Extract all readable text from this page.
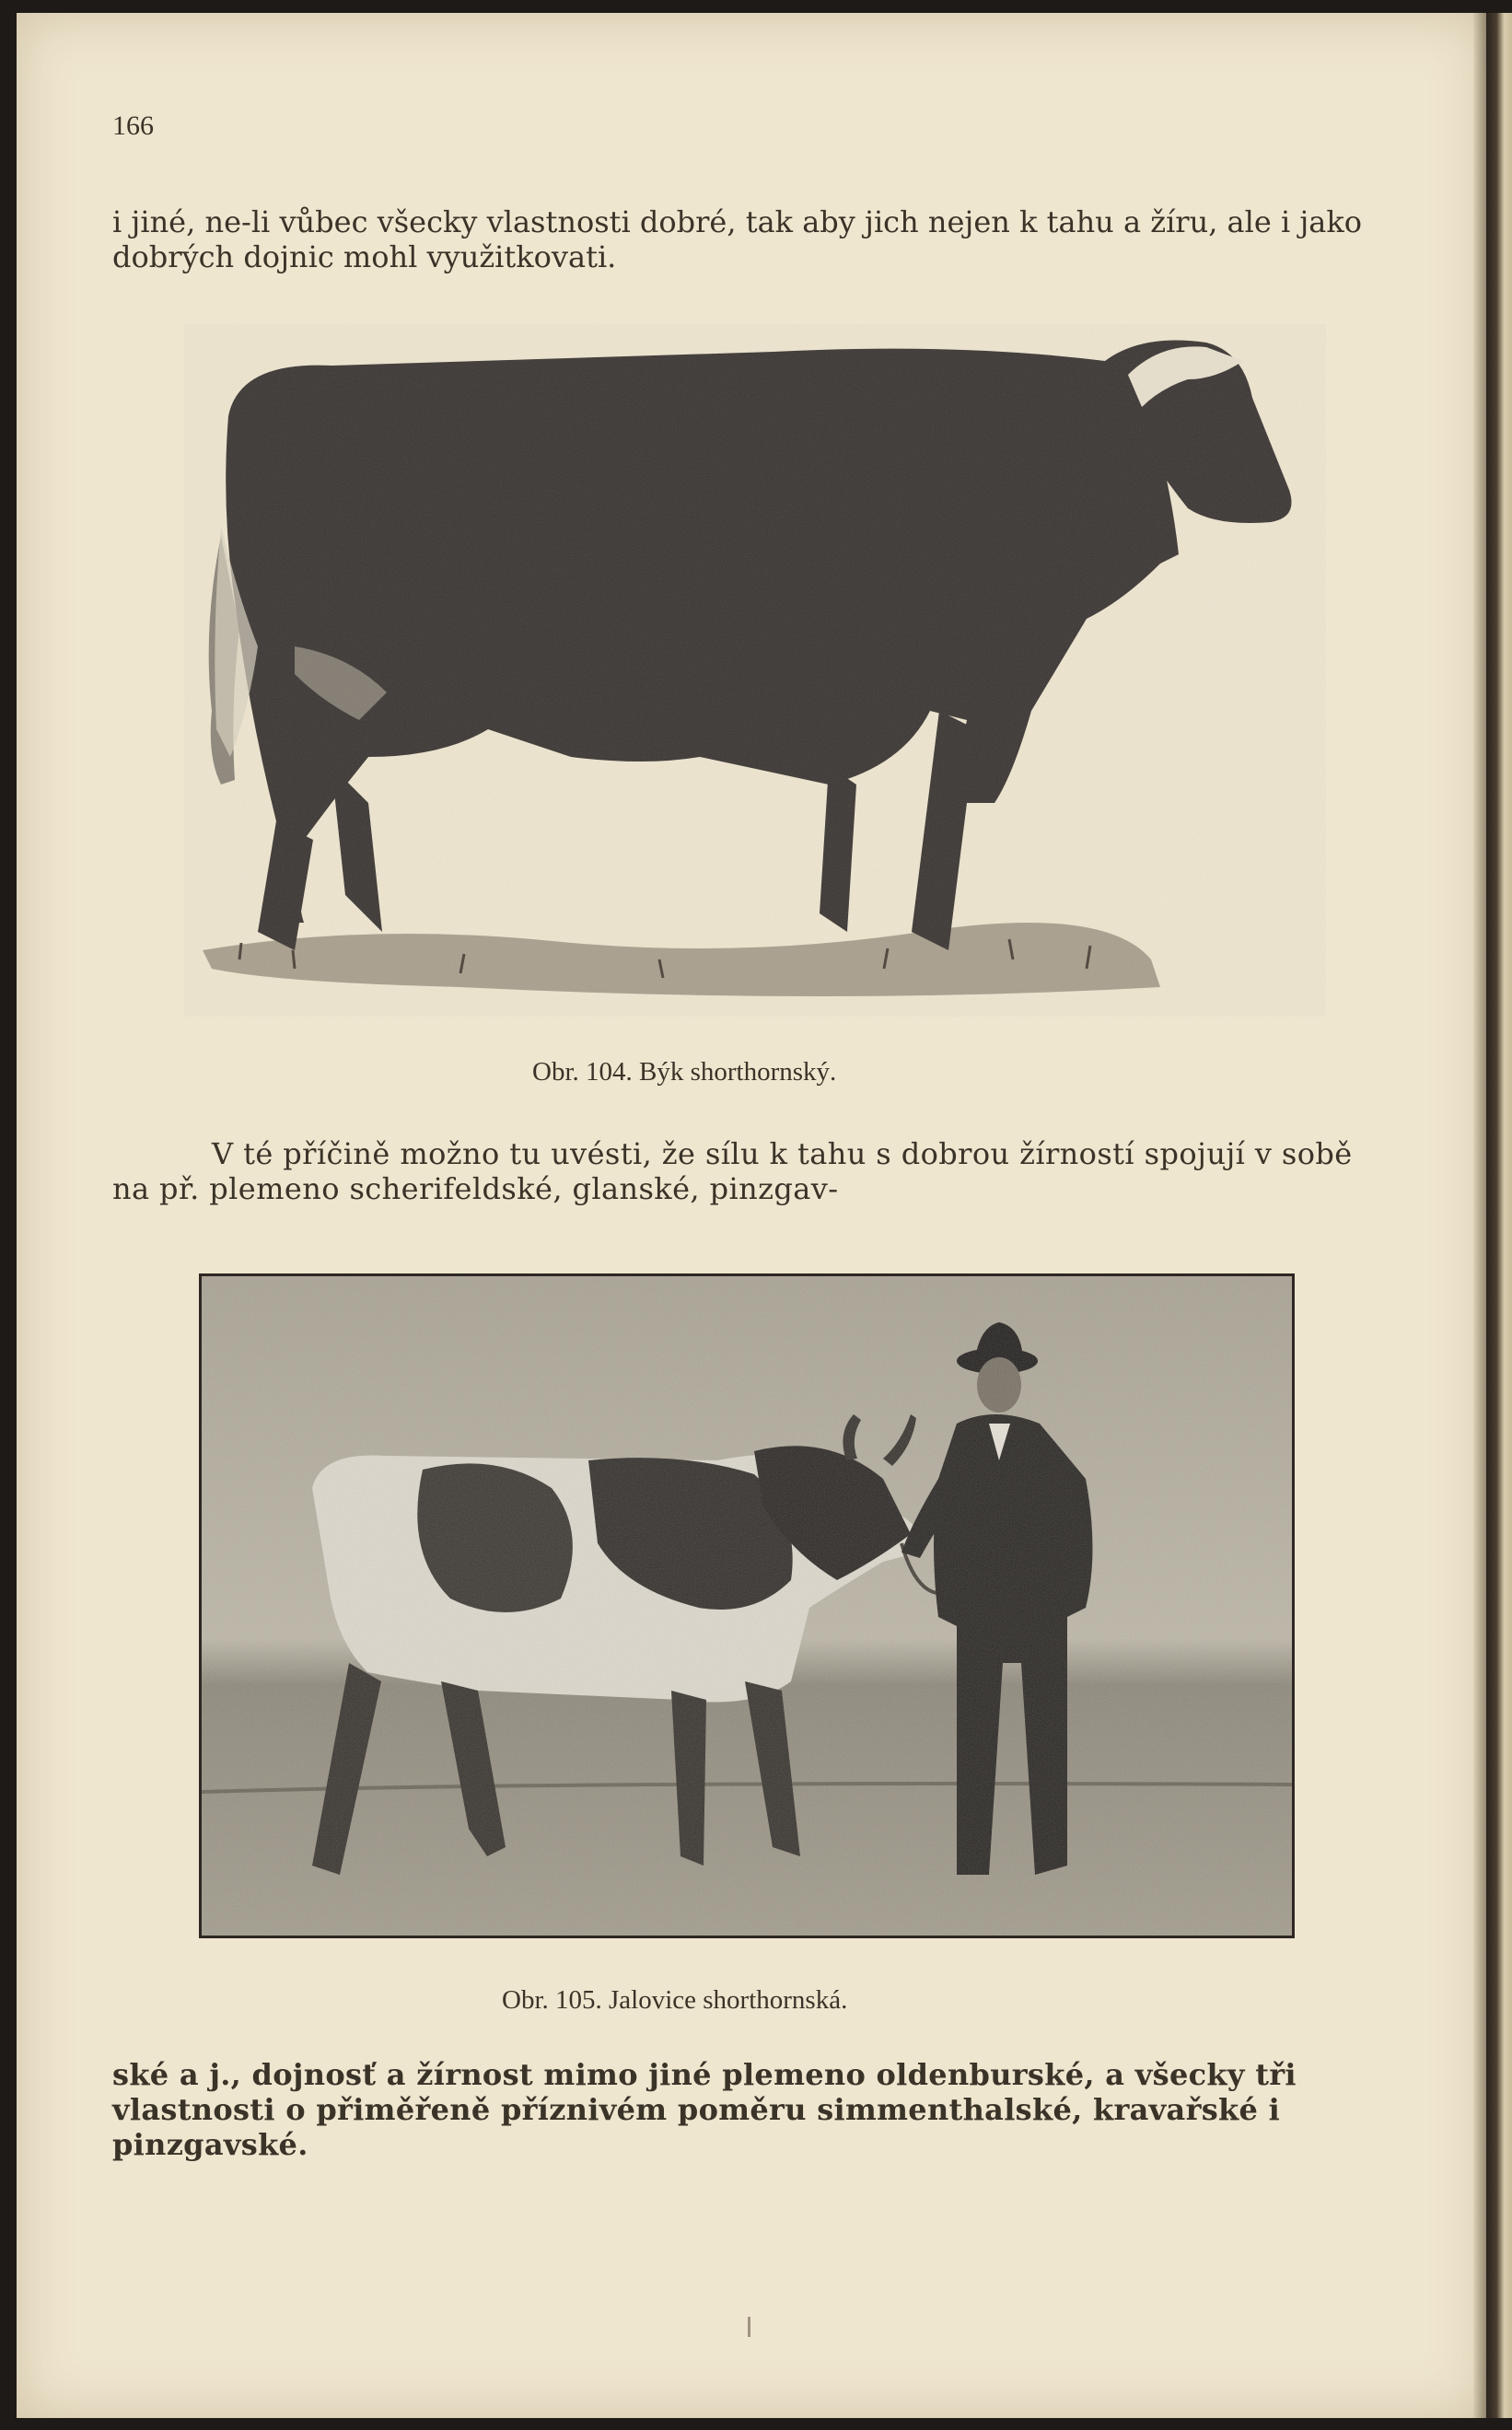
166

i jiné, ne-li vůbec všecky vlastnosti dobré, tak aby jich nejen k tahu a žíru, ale i jako dobrých dojnic mohl využitkovati.

Obr. 104. Býk shorthornský.

V té příčině možno tu uvésti, že sílu k tahu s dobrou žírností spojují v sobě na př. plemeno scherifeldské, glanské, pinzgav-

Obr. 105. Jalovice shorthornská.

ské a j., dojnosť a žírnost mimo jiné plemeno oldenburské, a všecky tři vlastnosti o přiměřeně příznivém poměru simmenthalské, kravařské i pinzgavské.
